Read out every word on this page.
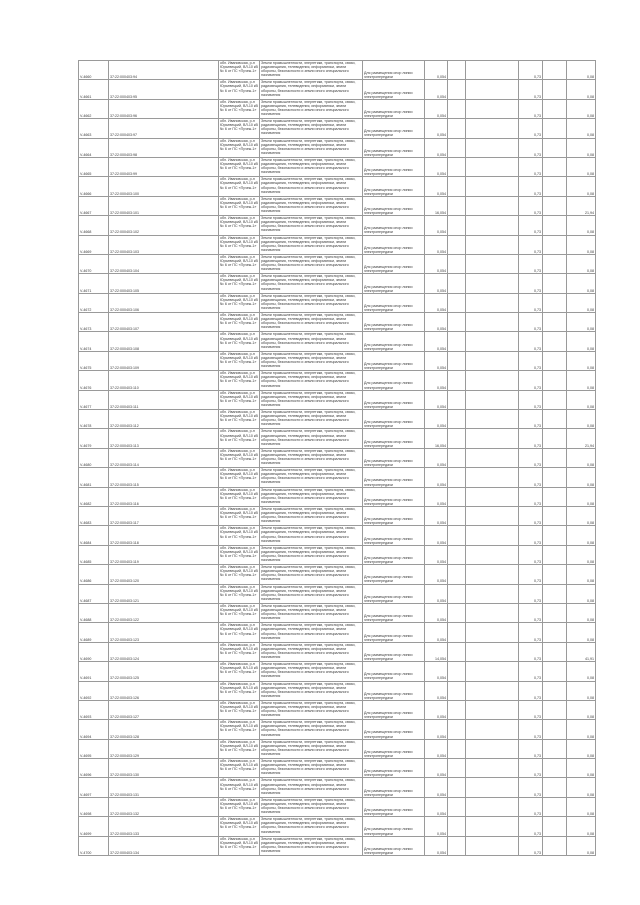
V-4660	37:22:000403:94	обл. Ивановская, р-н Юрьевецкий, ВЛ-10 кВ № 6 от ПС «Пучеж-1»	Земли промышленности, энергетики, транспорта, связи, радиовещания, телевидения, информатики, земли обороны, безопасности и земли иного специального назначения	Для размещения опор линии электропередачи	0,054			0,73		0,08
V-4661	37:22:000403:95	обл. Ивановская, р-н Юрьевецкий, ВЛ-10 кВ № 6 от ПС «Пучеж-1»	Земли промышленности, энергетики, транспорта, связи, радиовещания, телевидения, информатики, земли обороны, безопасности и земли иного специального назначения	Для размещения опор линии электропередачи	0,054			0,73		0,08
V-4662	37:22:000403:96	обл. Ивановская, р-н Юрьевецкий, ВЛ-10 кВ № 6 от ПС «Пучеж-1»	Земли промышленности, энергетики, транспорта, связи, радиовещания, телевидения, информатики, земли обороны, безопасности и земли иного специального назначения	Для размещения опор линии электропередачи	0,054			0,73		0,08
V-4663	37:22:000403:97	обл. Ивановская, р-н Юрьевецкий, ВЛ-10 кВ № 6 от ПС «Пучеж-1»	Земли промышленности, энергетики, транспорта, связи, радиовещания, телевидения, информатики, земли обороны, безопасности и земли иного специального назначения	Для размещения опор линии электропередачи	0,054			0,73		0,08
V-4664	37:22:000403:98	обл. Ивановская, р-н Юрьевецкий, ВЛ-10 кВ № 6 от ПС «Пучеж-1»	Земли промышленности, энергетики, транспорта, связи, радиовещания, телевидения, информатики, земли обороны, безопасности и земли иного специального назначения	Для размещения опор линии электропередачи	0,054			0,73		0,08
V-4665	37:22:000403:99	обл. Ивановская, р-н Юрьевецкий, ВЛ-10 кВ № 6 от ПС «Пучеж-1»	Земли промышленности, энергетики, транспорта, связи, радиовещания, телевидения, информатики, земли обороны, безопасности и земли иного специального назначения	Для размещения опор линии электропередачи	0,054			0,73		0,08
V-4666	37:22:000403:100	обл. Ивановская, р-н Юрьевецкий, ВЛ-10 кВ № 6 от ПС «Пучеж-1»	Земли промышленности, энергетики, транспорта, связи, радиовещания, телевидения, информатики, земли обороны, безопасности и земли иного специального назначения	Для размещения опор линии электропередачи	0,054			0,73		0,08
V-4667	37:22:000403:101	обл. Ивановская, р-н Юрьевецкий, ВЛ-10 кВ № 6 от ПС «Пучеж-1»	Земли промышленности, энергетики, транспорта, связи, радиовещания, телевидения, информатики, земли обороны, безопасности и земли иного специального назначения	Для размещения опор линии электропередачи	16,054			0,73		21,94
V-4668	37:22:000403:102	обл. Ивановская, р-н Юрьевецкий, ВЛ-10 кВ № 6 от ПС «Пучеж-1»	Земли промышленности, энергетики, транспорта, связи, радиовещания, телевидения, информатики, земли обороны, безопасности и земли иного специального назначения	Для размещения опор линии электропередачи	0,054			0,73		0,08
V-4669	37:22:000403:103	обл. Ивановская, р-н Юрьевецкий, ВЛ-10 кВ № 6 от ПС «Пучеж-1»	Земли промышленности, энергетики, транспорта, связи, радиовещания, телевидения, информатики, земли обороны, безопасности и земли иного специального назначения	Для размещения опор линии электропередачи	0,054			0,73		0,08
V-4670	37:22:000403:104	обл. Ивановская, р-н Юрьевецкий, ВЛ-10 кВ № 6 от ПС «Пучеж-1»	Земли промышленности, энергетики, транспорта, связи, радиовещания, телевидения, информатики, земли обороны, безопасности и земли иного специального назначения	Для размещения опор линии электропередачи	0,054			0,73		0,08
V-4671	37:22:000403:105	обл. Ивановская, р-н Юрьевецкий, ВЛ-10 кВ № 6 от ПС «Пучеж-1»	Земли промышленности, энергетики, транспорта, связи, радиовещания, телевидения, информатики, земли обороны, безопасности и земли иного специального назначения	Для размещения опор линии электропередачи	0,054			0,73		0,08
V-4672	37:22:000403:106	обл. Ивановская, р-н Юрьевецкий, ВЛ-10 кВ № 6 от ПС «Пучеж-1»	Земли промышленности, энергетики, транспорта, связи, радиовещания, телевидения, информатики, земли обороны, безопасности и земли иного специального назначения	Для размещения опор линии электропередачи	0,054			0,73		0,08
V-4673	37:22:000403:107	обл. Ивановская, р-н Юрьевецкий, ВЛ-10 кВ № 6 от ПС «Пучеж-1»	Земли промышленности, энергетики, транспорта, связи, радиовещания, телевидения, информатики, земли обороны, безопасности и земли иного специального назначения	Для размещения опор линии электропередачи	0,054			0,73		0,08
V-4674	37:22:000403:108	обл. Ивановская, р-н Юрьевецкий, ВЛ-10 кВ № 6 от ПС «Пучеж-1»	Земли промышленности, энергетики, транспорта, связи, радиовещания, телевидения, информатики, земли обороны, безопасности и земли иного специального назначения	Для размещения опор линии электропередачи	0,054			0,73		0,08
V-4675	37:22:000403:109	обл. Ивановская, р-н Юрьевецкий, ВЛ-10 кВ № 6 от ПС «Пучеж-1»	Земли промышленности, энергетики, транспорта, связи, радиовещания, телевидения, информатики, земли обороны, безопасности и земли иного специального назначения	Для размещения опор линии электропередачи	0,054			0,73		0,08
V-4676	37:22:000403:110	обл. Ивановская, р-н Юрьевецкий, ВЛ-10 кВ № 6 от ПС «Пучеж-1»	Земли промышленности, энергетики, транспорта, связи, радиовещания, телевидения, информатики, земли обороны, безопасности и земли иного специального назначения	Для размещения опор линии электропередачи	0,054			0,73		0,08
V-4677	37:22:000403:111	обл. Ивановская, р-н Юрьевецкий, ВЛ-10 кВ № 6 от ПС «Пучеж-1»	Земли промышленности, энергетики, транспорта, связи, радиовещания, телевидения, информатики, земли обороны, безопасности и земли иного специального назначения	Для размещения опор линии электропередачи	0,054			0,73		0,08
V-4678	37:22:000403:112	обл. Ивановская, р-н Юрьевецкий, ВЛ-10 кВ № 6 от ПС «Пучеж-1»	Земли промышленности, энергетики, транспорта, связи, радиовещания, телевидения, информатики, земли обороны, безопасности и земли иного специального назначения	Для размещения опор линии электропередачи	0,054			0,73		0,08
V-4679	37:22:000403:113	обл. Ивановская, р-н Юрьевецкий, ВЛ-10 кВ № 6 от ПС «Пучеж-1»	Земли промышленности, энергетики, транспорта, связи, радиовещания, телевидения, информатики, земли обороны, безопасности и земли иного специального назначения	Для размещения опор линии электропередачи	16,054			0,73		21,94
V-4680	37:22:000403:114	обл. Ивановская, р-н Юрьевецкий, ВЛ-10 кВ № 6 от ПС «Пучеж-1»	Земли промышленности, энергетики, транспорта, связи, радиовещания, телевидения, информатики, земли обороны, безопасности и земли иного специального назначения	Для размещения опор линии электропередачи	0,054			0,73		0,08
V-4681	37:22:000403:115	обл. Ивановская, р-н Юрьевецкий, ВЛ-10 кВ № 6 от ПС «Пучеж-1»	Земли промышленности, энергетики, транспорта, связи, радиовещания, телевидения, информатики, земли обороны, безопасности и земли иного специального назначения	Для размещения опор линии электропередачи	0,054			0,73		0,08
V-4682	37:22:000403:116	обл. Ивановская, р-н Юрьевецкий, ВЛ-10 кВ № 6 от ПС «Пучеж-1»	Земли промышленности, энергетики, транспорта, связи, радиовещания, телевидения, информатики, земли обороны, безопасности и земли иного специального назначения	Для размещения опор линии электропередачи	0,054			0,73		0,08
V-4683	37:22:000403:117	обл. Ивановская, р-н Юрьевецкий, ВЛ-10 кВ № 6 от ПС «Пучеж-1»	Земли промышленности, энергетики, транспорта, связи, радиовещания, телевидения, информатики, земли обороны, безопасности и земли иного специального назначения	Для размещения опор линии электропередачи	0,054			0,73		0,08
V-4684	37:22:000403:118	обл. Ивановская, р-н Юрьевецкий, ВЛ-10 кВ № 6 от ПС «Пучеж-1»	Земли промышленности, энергетики, транспорта, связи, радиовещания, телевидения, информатики, земли обороны, безопасности и земли иного специального назначения	Для размещения опор линии электропередачи	0,054			0,73		0,08
V-4685	37:22:000403:119	обл. Ивановская, р-н Юрьевецкий, ВЛ-10 кВ № 6 от ПС «Пучеж-1»	Земли промышленности, энергетики, транспорта, связи, радиовещания, телевидения, информатики, земли обороны, безопасности и земли иного специального назначения	Для размещения опор линии электропередачи	0,054			0,73		0,08
V-4686	37:22:000403:120	обл. Ивановская, р-н Юрьевецкий, ВЛ-10 кВ № 6 от ПС «Пучеж-1»	Земли промышленности, энергетики, транспорта, связи, радиовещания, телевидения, информатики, земли обороны, безопасности и земли иного специального назначения	Для размещения опор линии электропередачи	0,054			0,73		0,08
V-4687	37:22:000403:121	обл. Ивановская, р-н Юрьевецкий, ВЛ-10 кВ № 6 от ПС «Пучеж-1»	Земли промышленности, энергетики, транспорта, связи, радиовещания, телевидения, информатики, земли обороны, безопасности и земли иного специального назначения	Для размещения опор линии электропередачи	0,054			0,73		0,08
V-4688	37:22:000403:122	обл. Ивановская, р-н Юрьевецкий, ВЛ-10 кВ № 6 от ПС «Пучеж-1»	Земли промышленности, энергетики, транспорта, связи, радиовещания, телевидения, информатики, земли обороны, безопасности и земли иного специального назначения	Для размещения опор линии электропередачи	0,054			0,73		0,08
V-4689	37:22:000403:123	обл. Ивановская, р-н Юрьевецкий, ВЛ-10 кВ № 6 от ПС «Пучеж-1»	Земли промышленности, энергетики, транспорта, связи, радиовещания, телевидения, информатики, земли обороны, безопасности и земли иного специального назначения	Для размещения опор линии электропередачи	0,054			0,73		0,08
V-4690	37:22:000403:124	обл. Ивановская, р-н Юрьевецкий, ВЛ-10 кВ № 6 от ПС «Пучеж-1»	Земли промышленности, энергетики, транспорта, связи, радиовещания, телевидения, информатики, земли обороны, безопасности и земли иного специального назначения	Для размещения опор линии электропередачи	14,054			0,73		41,91
V-4691	37:22:000403:125	обл. Ивановская, р-н Юрьевецкий, ВЛ-10 кВ № 6 от ПС «Пучеж-1»	Земли промышленности, энергетики, транспорта, связи, радиовещания, телевидения, информатики, земли обороны, безопасности и земли иного специального назначения	Для размещения опор линии электропередачи	0,054			0,73		0,08
V-4692	37:22:000403:126	обл. Ивановская, р-н Юрьевецкий, ВЛ-10 кВ № 6 от ПС «Пучеж-1»	Земли промышленности, энергетики, транспорта, связи, радиовещания, телевидения, информатики, земли обороны, безопасности и земли иного специального назначения	Для размещения опор линии электропередачи	0,054			0,73		0,08
V-4693	37:22:000403:127	обл. Ивановская, р-н Юрьевецкий, ВЛ-10 кВ № 6 от ПС «Пучеж-1»	Земли промышленности, энергетики, транспорта, связи, радиовещания, телевидения, информатики, земли обороны, безопасности и земли иного специального назначения	Для размещения опор линии электропередачи	0,054			0,73		0,08
V-4694	37:22:000403:128	обл. Ивановская, р-н Юрьевецкий, ВЛ-10 кВ № 6 от ПС «Пучеж-1»	Земли промышленности, энергетики, транспорта, связи, радиовещания, телевидения, информатики, земли обороны, безопасности и земли иного специального назначения	Для размещения опор линии электропередачи	0,054			0,73		0,08
V-4695	37:22:000403:129	обл. Ивановская, р-н Юрьевецкий, ВЛ-10 кВ № 6 от ПС «Пучеж-1»	Земли промышленности, энергетики, транспорта, связи, радиовещания, телевидения, информатики, земли обороны, безопасности и земли иного специального назначения	Для размещения опор линии электропередачи	0,054			0,73		0,08
V-4696	37:22:000403:130	обл. Ивановская, р-н Юрьевецкий, ВЛ-10 кВ № 6 от ПС «Пучеж-1»	Земли промышленности, энергетики, транспорта, связи, радиовещания, телевидения, информатики, земли обороны, безопасности и земли иного специального назначения	Для размещения опор линии электропередачи	0,054			0,73		0,08
V-4697	37:22:000403:131	обл. Ивановская, р-н Юрьевецкий, ВЛ-10 кВ № 6 от ПС «Пучеж-1»	Земли промышленности, энергетики, транспорта, связи, радиовещания, телевидения, информатики, земли обороны, безопасности и земли иного специального назначения	Для размещения опор линии электропередачи	0,054			0,73		0,08
V-4698	37:22:000403:132	обл. Ивановская, р-н Юрьевецкий, ВЛ-10 кВ № 6 от ПС «Пучеж-1»	Земли промышленности, энергетики, транспорта, связи, радиовещания, телевидения, информатики, земли обороны, безопасности и земли иного специального назначения	Для размещения опор линии электропередачи	0,054			0,73		0,08
V-4699	37:22:000403:133	обл. Ивановская, р-н Юрьевецкий, ВЛ-10 кВ № 6 от ПС «Пучеж-1»	Земли промышленности, энергетики, транспорта, связи, радиовещания, телевидения, информатики, земли обороны, безопасности и земли иного специального назначения	Для размещения опор линии электропередачи	0,054			0,73		0,08
V-4700	37:22:000403:134	обл. Ивановская, р-н Юрьевецкий, ВЛ-10 кВ № 6 от ПС «Пучеж-1»	Земли промышленности, энергетики, транспорта, связи, радиовещания, телевидения, информатики, земли обороны, безопасности и земли иного специального назначения	Для размещения опор линии электропередачи	0,054			0,73		0,08
